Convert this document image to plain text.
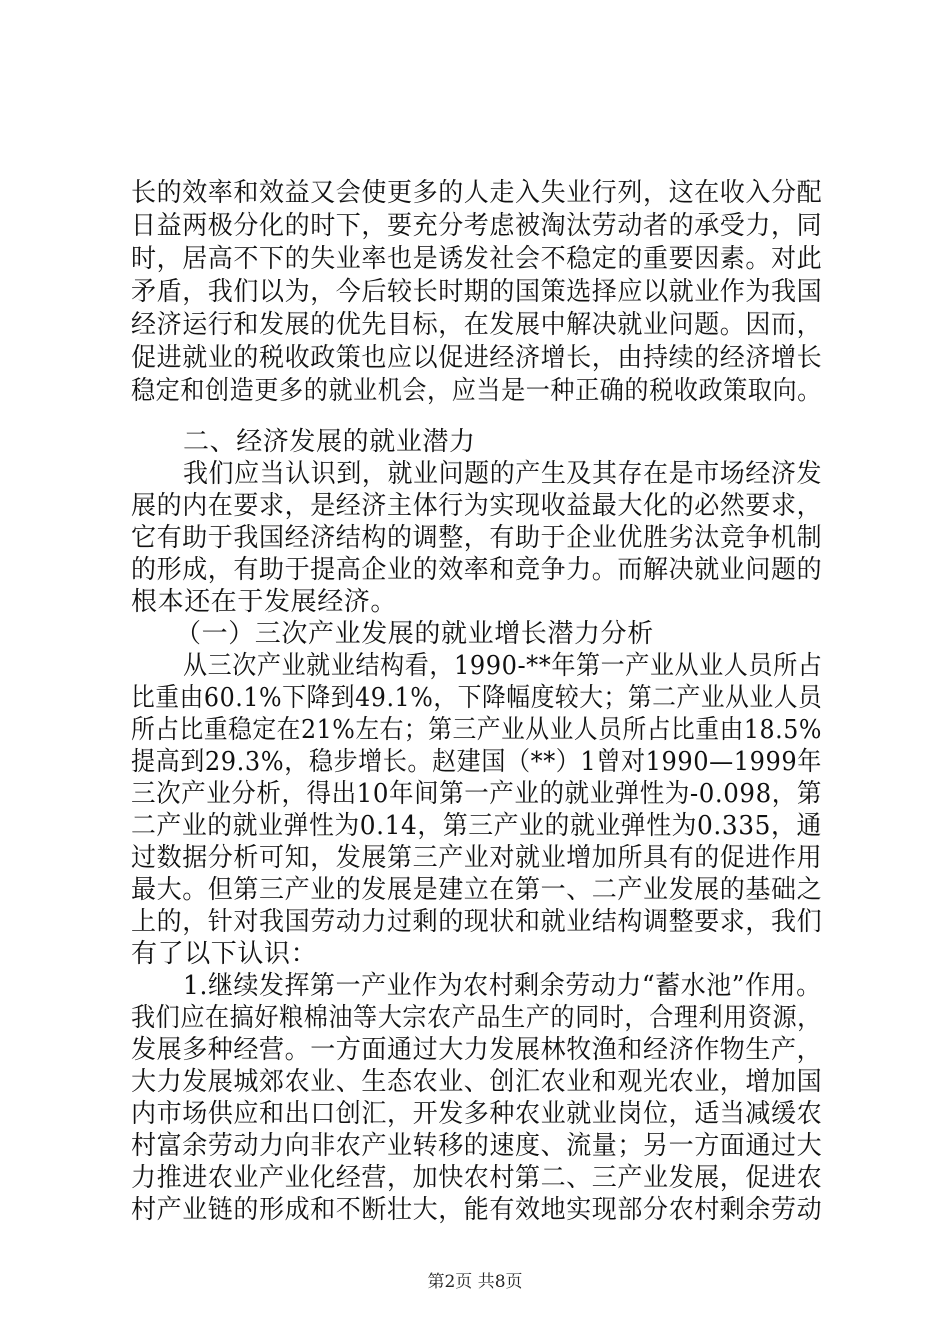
长的效率和效益又会使更多的人走入失业行列，这在收入分配
日益两极分化的时下，要充分考虑被淘汰劳动者的承受力，同
时，居高不下的失业率也是诱发社会不稳定的重要因素。对此
矛盾，我们以为，今后较长时期的国策选择应以就业作为我国
经济运行和发展的优先目标，在发展中解决就业问题。因而，
促进就业的税收政策也应以促进经济增长，由持续的经济增长
稳定和创造更多的就业机会，应当是一种正确的税收政策取向。
二、经济发展的就业潜力
我们应当认识到，就业问题的产生及其存在是市场经济发
展的内在要求，是经济主体行为实现收益最大化的必然要求，
它有助于我国经济结构的调整，有助于企业优胜劣汰竞争机制
的形成，有助于提高企业的效率和竞争力。而解决就业问题的
根本还在于发展经济。
（一）三次产业发展的就业增长潜力分析
从三次产业就业结构看，1990-**年第一产业从业人员所占
比重由60.1%下降到49.1%，下降幅度较大；第二产业从业人员
所占比重稳定在21%左右；第三产业从业人员所占比重由18.5%
提高到29.3%，稳步增长。赵建国（**）1曾对1990—1999年
三次产业分析，得出10年间第一产业的就业弹性为-0.098，第
二产业的就业弹性为0.14，第三产业的就业弹性为0.335，通
过数据分析可知，发展第三产业对就业增加所具有的促进作用
最大。但第三产业的发展是建立在第一、二产业发展的基础之
上的，针对我国劳动力过剩的现状和就业结构调整要求，我们
有了以下认识：
1.继续发挥第一产业作为农村剩余劳动力“蓄水池”作用。
我们应在搞好粮棉油等大宗农产品生产的同时，合理利用资源，
发展多种经营。一方面通过大力发展林牧渔和经济作物生产，
大力发展城郊农业、生态农业、创汇农业和观光农业，增加国
内市场供应和出口创汇，开发多种农业就业岗位，适当减缓农
村富余劳动力向非农产业转移的速度、流量；另一方面通过大
力推进农业产业化经营，加快农村第二、三产业发展，促进农
村产业链的形成和不断壮大，能有效地实现部分农村剩余劳动
第2页 共8页
